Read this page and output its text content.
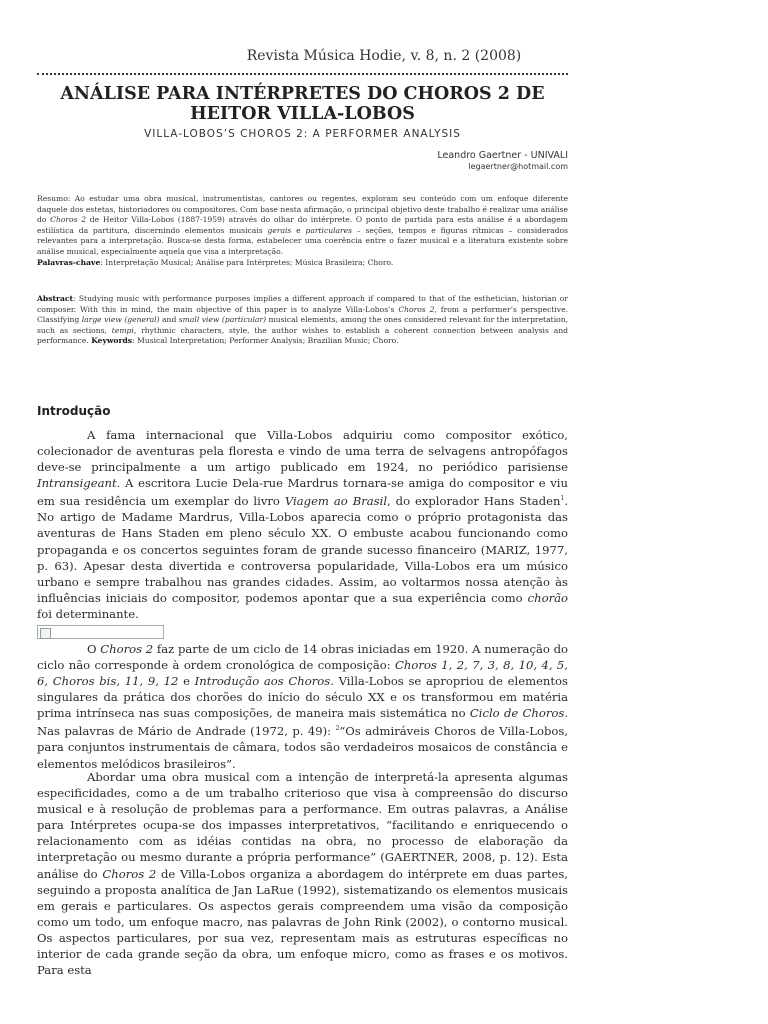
Revista Música Hodie, v. 8, n. 2 (2008)
ANÁLISE PARA INTÉRPRETES DO CHOROS 2 DE HEITOR VILLA-LOBOS
VILLA-LOBOS’S CHOROS 2: A PERFORMER ANALYSIS
Leandro Gaertner - UNIVALI
legaertner@hotmail.com
Resumo: Ao estudar uma obra musical, instrumentistas, cantores ou regentes, exploram seu conteúdo com um enfoque diferente daquele dos estetas, historiadores ou compositores. Com base nesta afirmação, o principal objetivo deste trabalho é realizar uma análise do Choros 2 de Heitor Villa-Lobos (1887-1959) através do olhar do intérprete. O ponto de partida para esta análise é a abordagem estilística da partitura, discernindo elementos musicais gerais e particulares – seções, tempos e figuras rítmicas – considerados relevantes para a interpretação. Busca-se desta forma, estabelecer uma coerência entre o fazer musical e a literatura existente sobre análise musical, especialmente aquela que visa a interpretação.
Palavras-chave: Interpretação Musical; Análise para Intérpretes; Música Brasileira; Choro.
Abstract: Studying music with performance purposes implies a different approach if compared to that of the esthetician, historian or composer. With this in mind, the main objective of this paper is to analyze Villa-Lobos’s Choros 2, from a performer’s perspective. Classifying large view (general) and small view (particular) musical elements, among the ones considered relevant for the interpretation, such as sections, tempi, rhythmic characters, style, the author wishes to establish a coherent connection between analysis and performance. Keywords: Musical Interpretation; Performer Analysis; Brazilian Music; Choro.
Introdução

A fama internacional que Villa-Lobos adquiriu como compositor exótico, colecionador de aventuras pela floresta e vindo de uma terra de selvagens antropófagos deve-se principalmente a um artigo publicado em 1924, no periódico parisiense Intransigeant. A escritora Lucie Dela-rue Mardrus tornara-se amiga do compositor e viu em sua residência um exemplar do livro Viagem ao Brasil, do explorador Hans Staden$^1$. No artigo de Madame Mardrus, Villa-Lobos aparecia como o próprio protagonista das aventuras de Hans Staden em pleno século XX. O embuste acabou funcionando como propaganda e os concertos seguintes foram de grande sucesso financeiro (MARIZ, 1977, p. 63). Apesar desta divertida e controversa popularidade, Villa-Lobos era um músico urbano e sempre trabalhou nas grandes cidades. Assim, ao voltarmos nossa atenção às influências iniciais do compositor, podemos apontar que a sua experiência como chorão foi determinante.

O Choros 2 faz parte de um ciclo de 14 obras iniciadas em 1920. A numeração do ciclo não corresponde à ordem cronológica de composição: Choros 1, 2, 7, 3, 8, 10, 4, 5, 6, Choros bis, 11, 9, 12 e Introdução aos Choros. Villa-Lobos se apropriou de elementos singulares da prática dos chorões do início do século XX e os transformou em matéria prima intrínseca nas suas composições, de maneira mais sistemática no Ciclo de Choros. Nas palavras de Mário de Andrade (1972, p. 49): $^2$“Os admiráveis Choros de Villa-Lobos, para conjuntos instrumentais de câmara, todos são verdadeiros mosaicos de constância e elementos melódicos brasileiros”.

Abordar uma obra musical com a intenção de interpretá-la apresenta algumas especificidades, como a de um trabalho criterioso que visa à compreensão do discurso musical e à resolução de problemas para a performance. Em outras palavras, a Análise para Intérpretes ocupa-se dos impasses interpretativos, “facilitando e enriquecendo o relacionamento com as idéias contidas na obra, no processo de elaboração da interpretação ou mesmo durante a própria performance” (GAERTNER, 2008, p. 12). Esta análise do Choros 2 de Villa-Lobos organiza a abordagem do intérprete em duas partes, seguindo a proposta analítica de Jan LaRue (1992), sistematizando os elementos musicais em gerais e particulares. Os aspectos gerais compreendem uma visão da composição como um todo, um enfoque macro, nas palavras de John Rink (2002), o contorno musical. Os aspectos particulares, por sua vez, representam mais as estruturas específicas no interior de cada grande seção da obra, um enfoque micro, como as frases e os motivos. Para esta
